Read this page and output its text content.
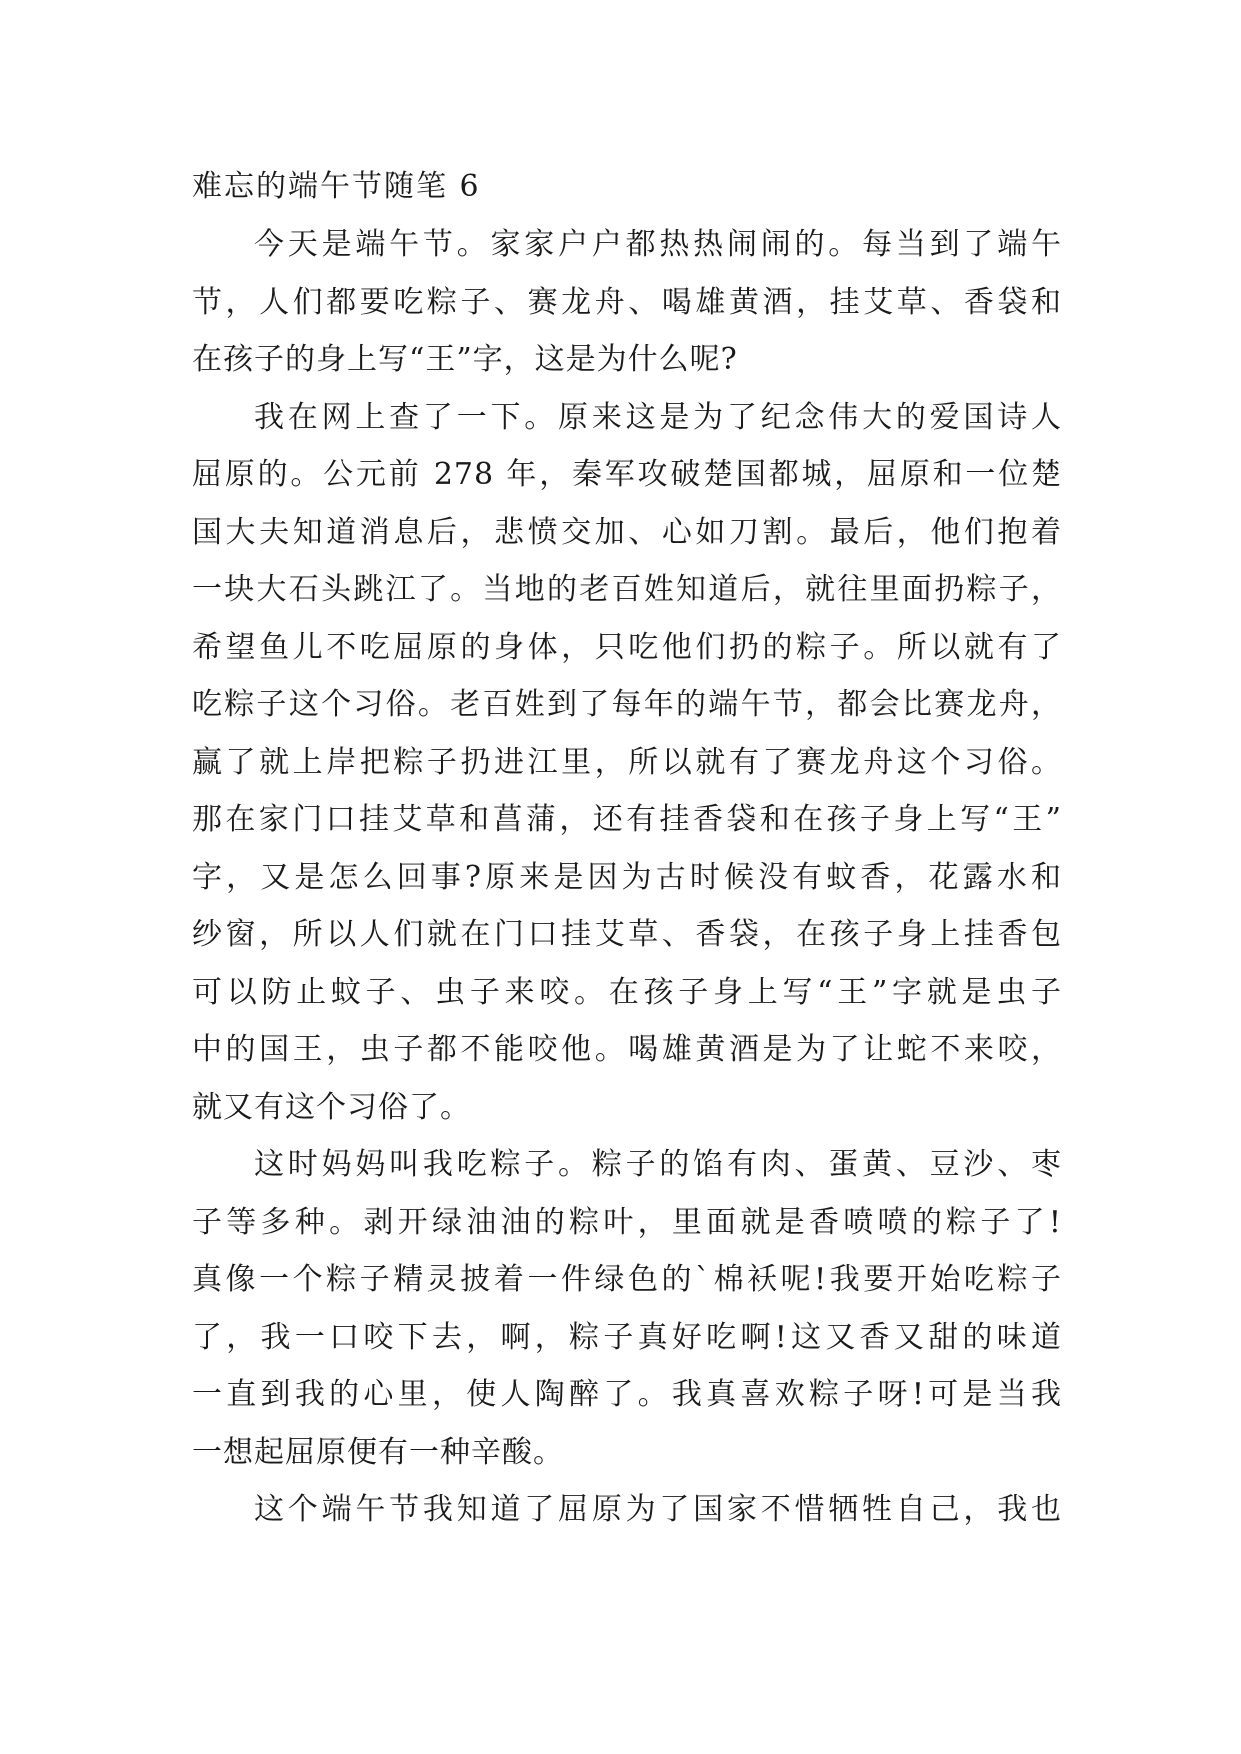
难忘的端午节随笔 6
今天是端午节。家家户户都热热闹闹的。每当到了端午
节，人们都要吃粽子、赛龙舟、喝雄黄酒，挂艾草、香袋和
在孩子的身上写“王”字，这是为什么呢?
我在网上查了一下。原来这是为了纪念伟大的爱国诗人
屈原的。公元前 278 年，秦军攻破楚国都城，屈原和一位楚
国大夫知道消息后，悲愤交加、心如刀割。最后，他们抱着
一块大石头跳江了。当地的老百姓知道后，就往里面扔粽子，
希望鱼儿不吃屈原的身体，只吃他们扔的粽子。所以就有了
吃粽子这个习俗。老百姓到了每年的端午节，都会比赛龙舟，
赢了就上岸把粽子扔进江里，所以就有了赛龙舟这个习俗。
那在家门口挂艾草和菖蒲，还有挂香袋和在孩子身上写“王”
字，又是怎么回事?原来是因为古时候没有蚊香，花露水和
纱窗，所以人们就在门口挂艾草、香袋，在孩子身上挂香包
可以防止蚊子、虫子来咬。在孩子身上写“王”字就是虫子
中的国王，虫子都不能咬他。喝雄黄酒是为了让蛇不来咬，
就又有这个习俗了。
这时妈妈叫我吃粽子。粽子的馅有肉、蛋黄、豆沙、枣
子等多种。剥开绿油油的粽叶，里面就是香喷喷的粽子了!
真像一个粽子精灵披着一件绿色的`棉袄呢!我要开始吃粽子
了，我一口咬下去，啊，粽子真好吃啊!这又香又甜的味道
一直到我的心里，使人陶醉了。我真喜欢粽子呀!可是当我
一想起屈原便有一种辛酸。
这个端午节我知道了屈原为了国家不惜牺牲自己，我也
